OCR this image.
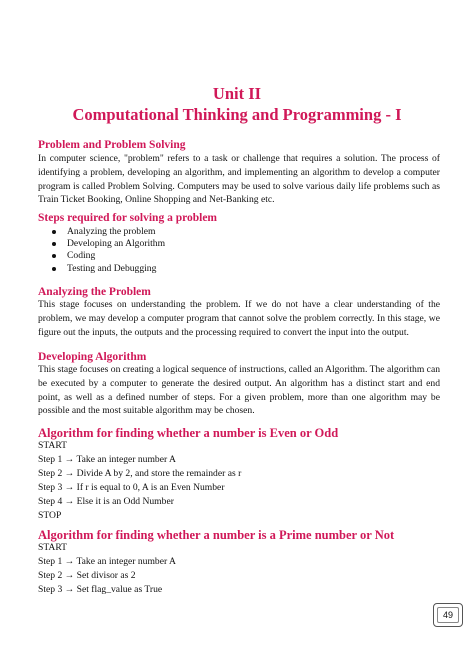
Unit II
Computational Thinking and Programming - I
Problem and Problem Solving
In computer science, "problem" refers to a task or challenge that requires a solution. The process of identifying a problem, developing an algorithm, and implementing an algorithm to develop a computer program is called Problem Solving. Computers may be used to solve various daily life problems such as Train Ticket Booking, Online Shopping and Net-Banking etc.
Steps required for solving a problem
Analyzing the problem
Developing an Algorithm
Coding
Testing and Debugging
Analyzing the Problem
This stage focuses on understanding the problem. If we do not have a clear understanding of the problem, we may develop a computer program that cannot solve the problem correctly. In this stage, we figure out the inputs, the outputs and the processing required to convert the input into the output.
Developing Algorithm
This stage focuses on creating a logical sequence of instructions, called an Algorithm. The algorithm can be executed by a computer to generate the desired output. An algorithm has a distinct start and end point, as well as a defined number of steps. For a given problem, more than one algorithm may be possible and the most suitable algorithm may be chosen.
Algorithm for finding whether a number is Even or Odd
START
Step 1 → Take an integer number A
Step 2 → Divide A by 2, and store the remainder as r
Step 3 → If r is equal to 0, A is an Even Number
Step 4 → Else it is an Odd Number
STOP
Algorithm for finding whether a number is a Prime number or Not
START
Step 1 → Take an integer number A
Step 2 → Set divisor as 2
Step 3 → Set flag_value as True
49
